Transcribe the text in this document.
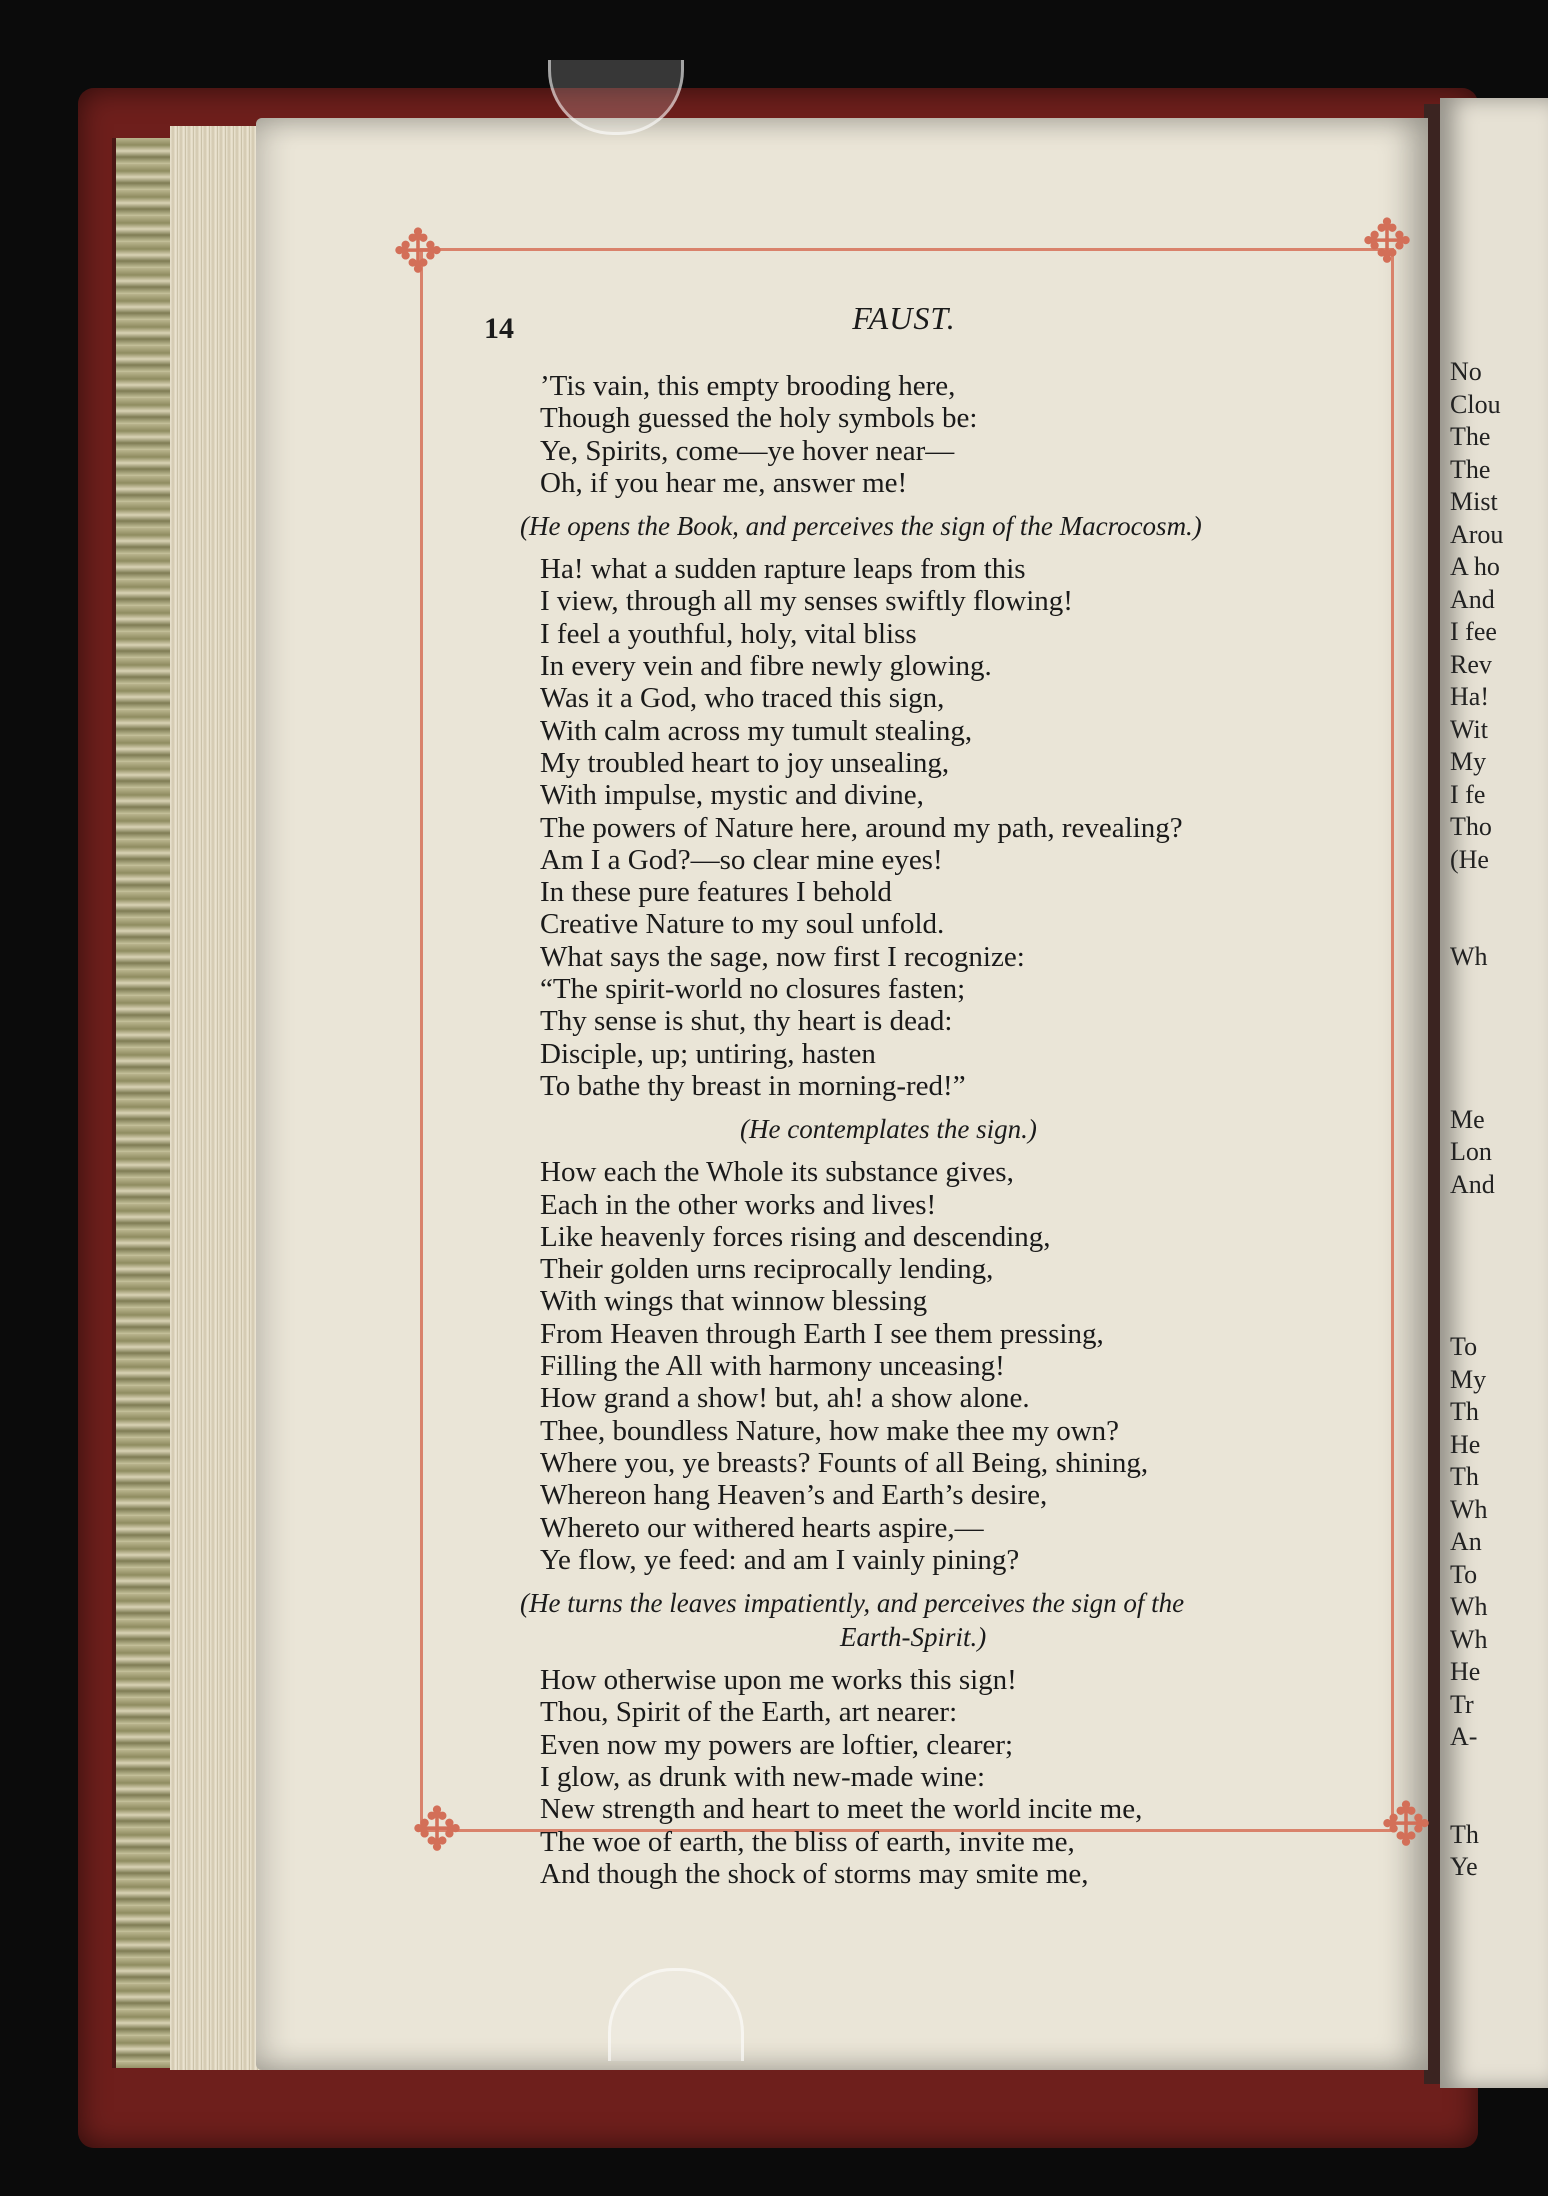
No
Clou
The
The
Mist
Arou
A ho
And
I fee
Rev
Ha!
Wit
My
I fe
Tho
(He
Wh
Me
Lon
And
To
My
Th
He
Th
Wh
An
To
Wh
Wh
He
Tr
A-
Th
Ye
✥	✥
✥	✥
14	FAUST.
’Tis vain, this empty brooding here,
Though guessed the holy symbols be:
Ye, Spirits, come—ye hover near—
Oh, if you hear me, answer me!
(He opens the Book, and perceives the sign of the Macrocosm.)
Ha! what a sudden rapture leaps from this
I view, through all my senses swiftly flowing!
I feel a youthful, holy, vital bliss
In every vein and fibre newly glowing.
Was it a God, who traced this sign,
With calm across my tumult stealing,
My troubled heart to joy unsealing,
With impulse, mystic and divine,
The powers of Nature here, around my path, revealing?
Am I a God?—so clear mine eyes!
In these pure features I behold
Creative Nature to my soul unfold.
What says the sage, now first I recognize:
“The spirit-world no closures fasten;
Thy sense is shut, thy heart is dead:
Disciple, up; untiring, hasten
To bathe thy breast in morning-red!”
(He contemplates the sign.)
How each the Whole its substance gives,
Each in the other works and lives!
Like heavenly forces rising and descending,
Their golden urns reciprocally lending,
With wings that winnow blessing
From Heaven through Earth I see them pressing,
Filling the All with harmony unceasing!
How grand a show! but, ah! a show alone.
Thee, boundless Nature, how make thee my own?
Where you, ye breasts? Founts of all Being, shining,
Whereon hang Heaven’s and Earth’s desire,
Whereto our withered hearts aspire,—
Ye flow, ye feed: and am I vainly pining?
(He turns the leaves impatiently, and perceives the sign of the
Earth-Spirit.)
How otherwise upon me works this sign!
Thou, Spirit of the Earth, art nearer:
Even now my powers are loftier, clearer;
I glow, as drunk with new-made wine:
New strength and heart to meet the world incite me,
The woe of earth, the bliss of earth, invite me,
And though the shock of storms may smite me,
